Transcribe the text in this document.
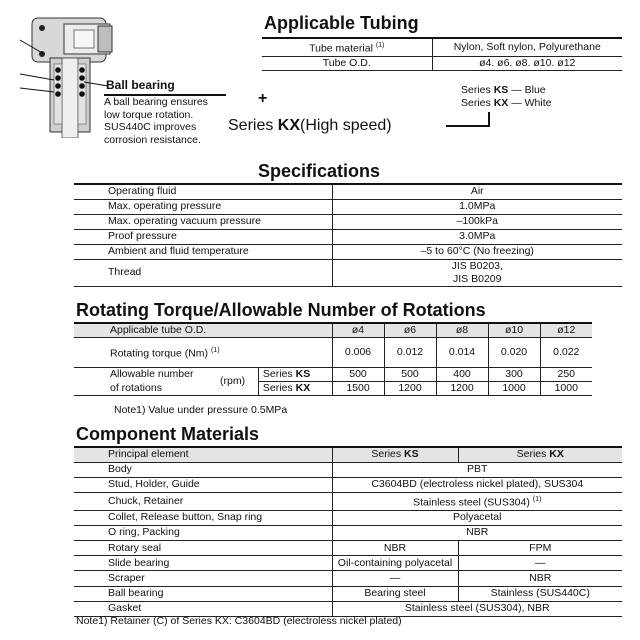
Ball bearing
A ball bearing ensures
low torque rotation.
SUS440C improves
corrosion resistance.
Applicable Tubing
Tube material $^{(1)}$	Nylon, Soft nylon, Polyurethane
Tube O.D.	ø4. ø6. ø8. ø10. ø12
+
Series KX(High speed)
Series KS — Blue
Series KX — White
Specifications
Operating fluid	Air
Max. operating pressure	1.0MPa
Max. operating vacuum pressure	–100kPa
Proof pressure	3.0MPa
Ambient and fluid temperature	–5 to 60°C (No freezing)
Thread	JIS B0203,
JIS B0209
Rotating Torque/Allowable Number of Rotations
Applicable tube O.D.			ø4	ø6	ø8	ø10	ø12
Rotating torque (Nm) $^{(1)}$			0.006	0.012	0.014	0.020	0.022
Allowable number		Series KS	500	500	400	300	250
of rotations	(rpm)	Series KX	1500	1200	1200	1000	1000
Note1) Value under pressure 0.5MPa
Component Materials
Principal element	Series KS	Series KX
Body	PBT	
Stud, Holder, Guide	C3604BD (electroless nickel plated), SUS304	
Chuck, Retainer	Stainless steel (SUS304) $^{(1)}$
Collet, Release button, Snap ring	Polyacetal	
O ring, Packing	NBR	
Rotary seal	NBR	FPM
Slide bearing	Oil-containing polyacetal	—
Scraper	—	NBR
Ball bearing	Bearing steel	Stainless (SUS440C)
Gasket	Stainless steel (SUS304), NBR	
Note1) Retainer (C) of Series KX: C3604BD (electroless nickel plated)
